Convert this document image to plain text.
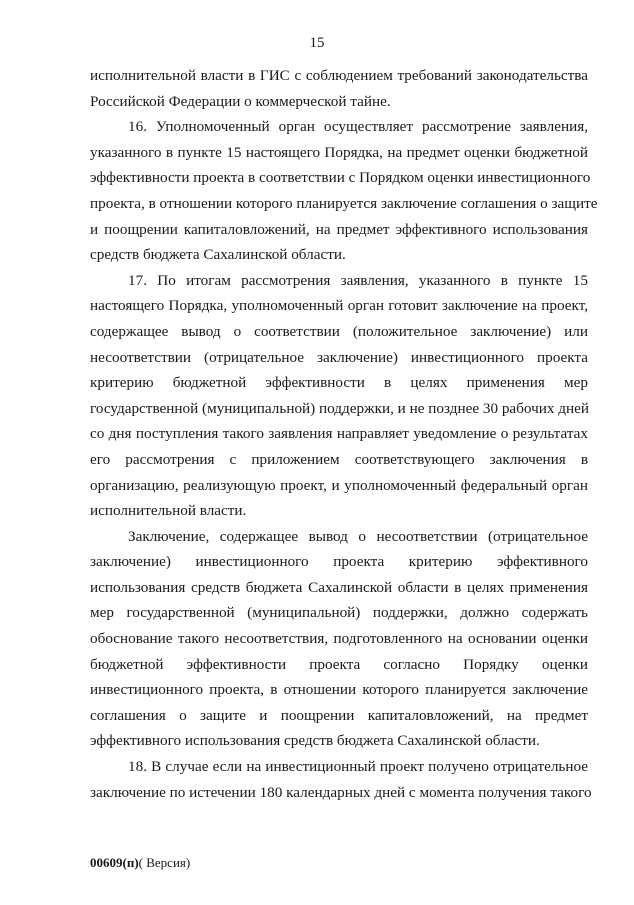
15
исполнительной власти в ГИС с соблюдением требований законодательства
Российской Федерации о коммерческой тайне.
16. Уполномоченный орган осуществляет рассмотрение заявления,
указанного в пункте 15 настоящего Порядка, на предмет оценки бюджетной
эффективности проекта в соответствии с Порядком оценки инвестиционного
проекта, в отношении которого планируется заключение соглашения о защите
и поощрении капиталовложений, на предмет эффективного использования
средств бюджета Сахалинской области.
17. По итогам рассмотрения заявления, указанного в пункте 15
настоящего Порядка, уполномоченный орган готовит заключение на проект,
содержащее вывод о соответствии (положительное заключение) или
несоответствии (отрицательное заключение) инвестиционного проекта
критерию бюджетной эффективности в целях применения мер
государственной (муниципальной) поддержки, и не позднее 30 рабочих дней
со дня поступления такого заявления направляет уведомление о результатах
его рассмотрения с приложением соответствующего заключения в
организацию, реализующую проект, и уполномоченный федеральный орган
исполнительной власти.
Заключение, содержащее вывод о несоответствии (отрицательное
заключение) инвестиционного проекта критерию эффективного
использования средств бюджета Сахалинской области в целях применения
мер государственной (муниципальной) поддержки, должно содержать
обоснование такого несоответствия, подготовленного на основании оценки
бюджетной эффективности проекта согласно Порядку оценки
инвестиционного проекта, в отношении которого планируется заключение
соглашения о защите и поощрении капиталовложений, на предмет
эффективного использования средств бюджета Сахалинской области.
18. В случае если на инвестиционный проект получено отрицательное
заключение по истечении 180 календарных дней с момента получения такого
00609(п)( Версия)
